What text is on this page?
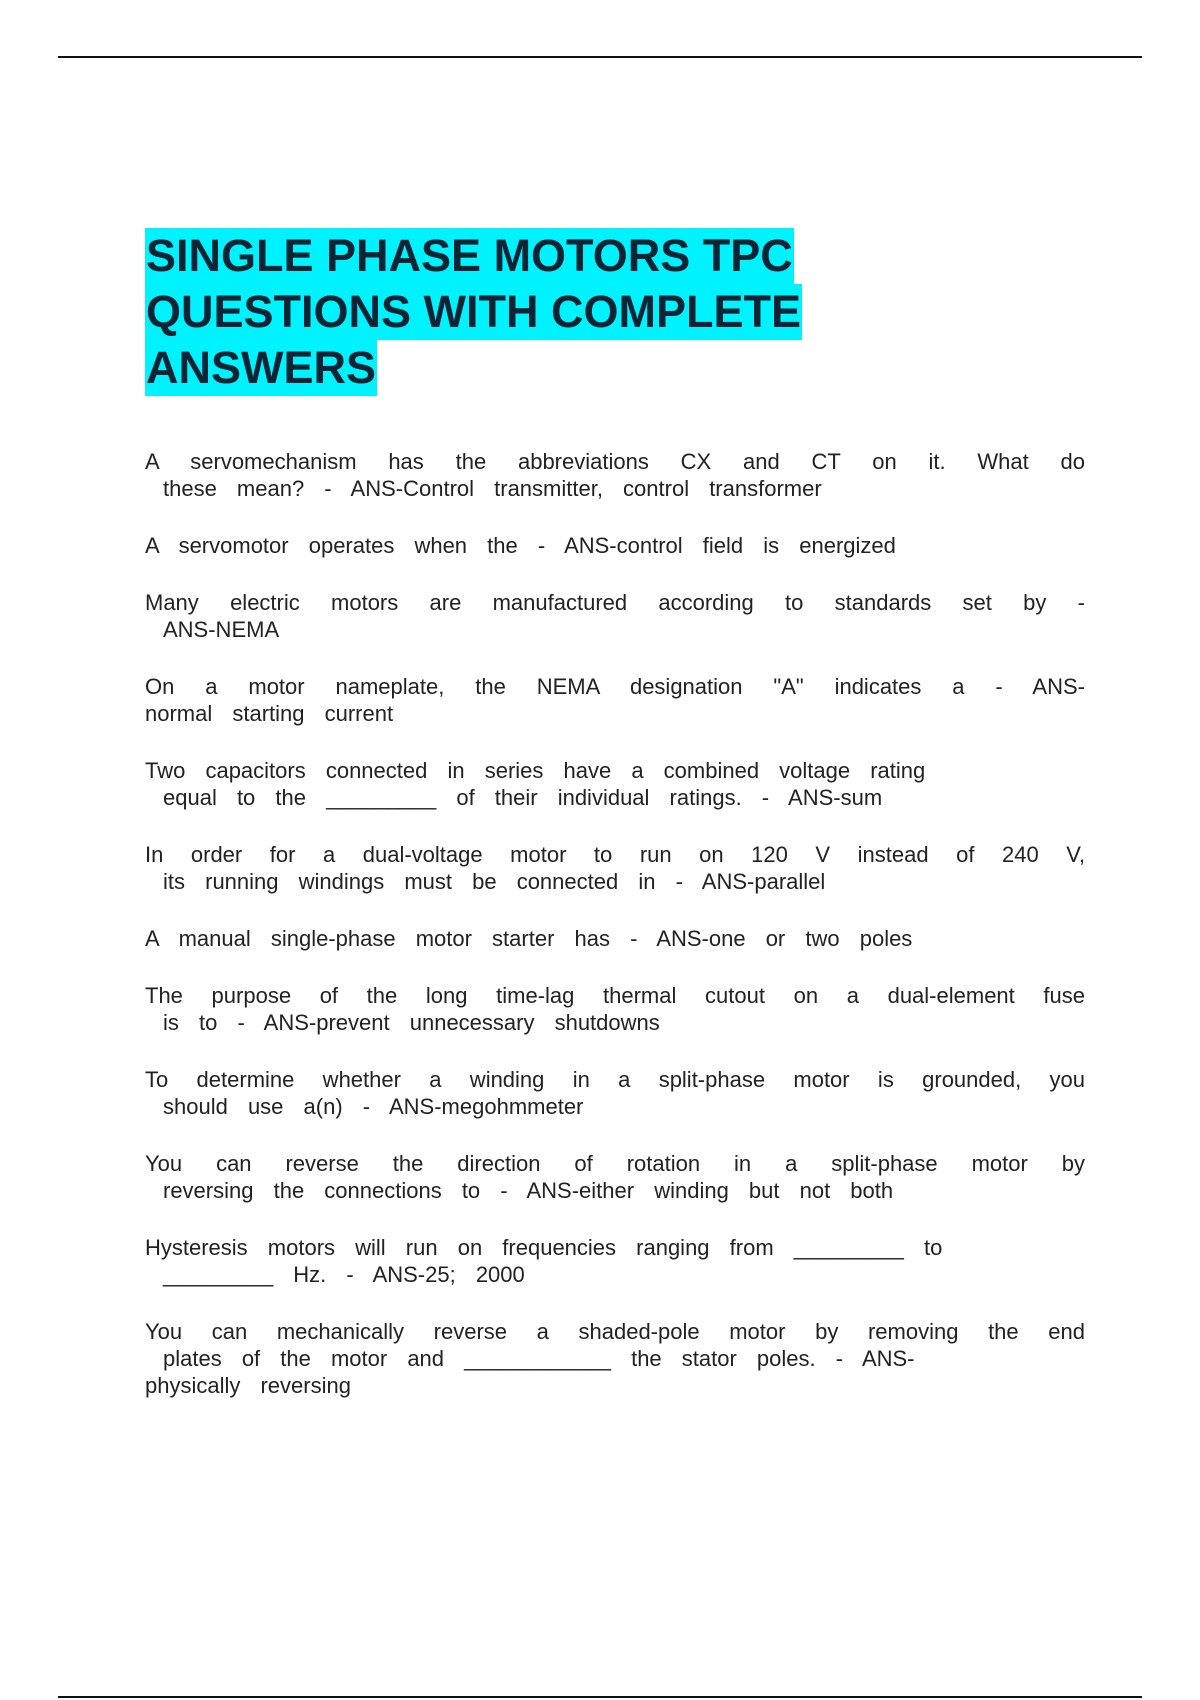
SINGLE PHASE MOTORS TPC
QUESTIONS WITH COMPLETE
ANSWERS
A servomechanism has the abbreviations CX and CT on it. What do
these mean? - ANS-Control transmitter, control transformer
A servomotor operates when the - ANS-control field is energized
Many electric motors are manufactured according to standards set by -
ANS-NEMA
On a motor nameplate, the NEMA designation "A" indicates a - ANS-
normal starting current
Two capacitors connected in series have a combined voltage rating
equal to the _________ of their individual ratings. - ANS-sum
In order for a dual-voltage motor to run on 120 V instead of 240 V,
its running windings must be connected in - ANS-parallel
A manual single-phase motor starter has - ANS-one or two poles
The purpose of the long time-lag thermal cutout on a dual-element fuse
is to - ANS-prevent unnecessary shutdowns
To determine whether a winding in a split-phase motor is grounded, you
should use a(n) - ANS-megohmmeter
You can reverse the direction of rotation in a split-phase motor by
reversing the connections to - ANS-either winding but not both
Hysteresis motors will run on frequencies ranging from _________ to
_________ Hz. - ANS-25; 2000
You can mechanically reverse a shaded-pole motor by removing the end
plates of the motor and ____________ the stator poles. - ANS-
physically reversing
